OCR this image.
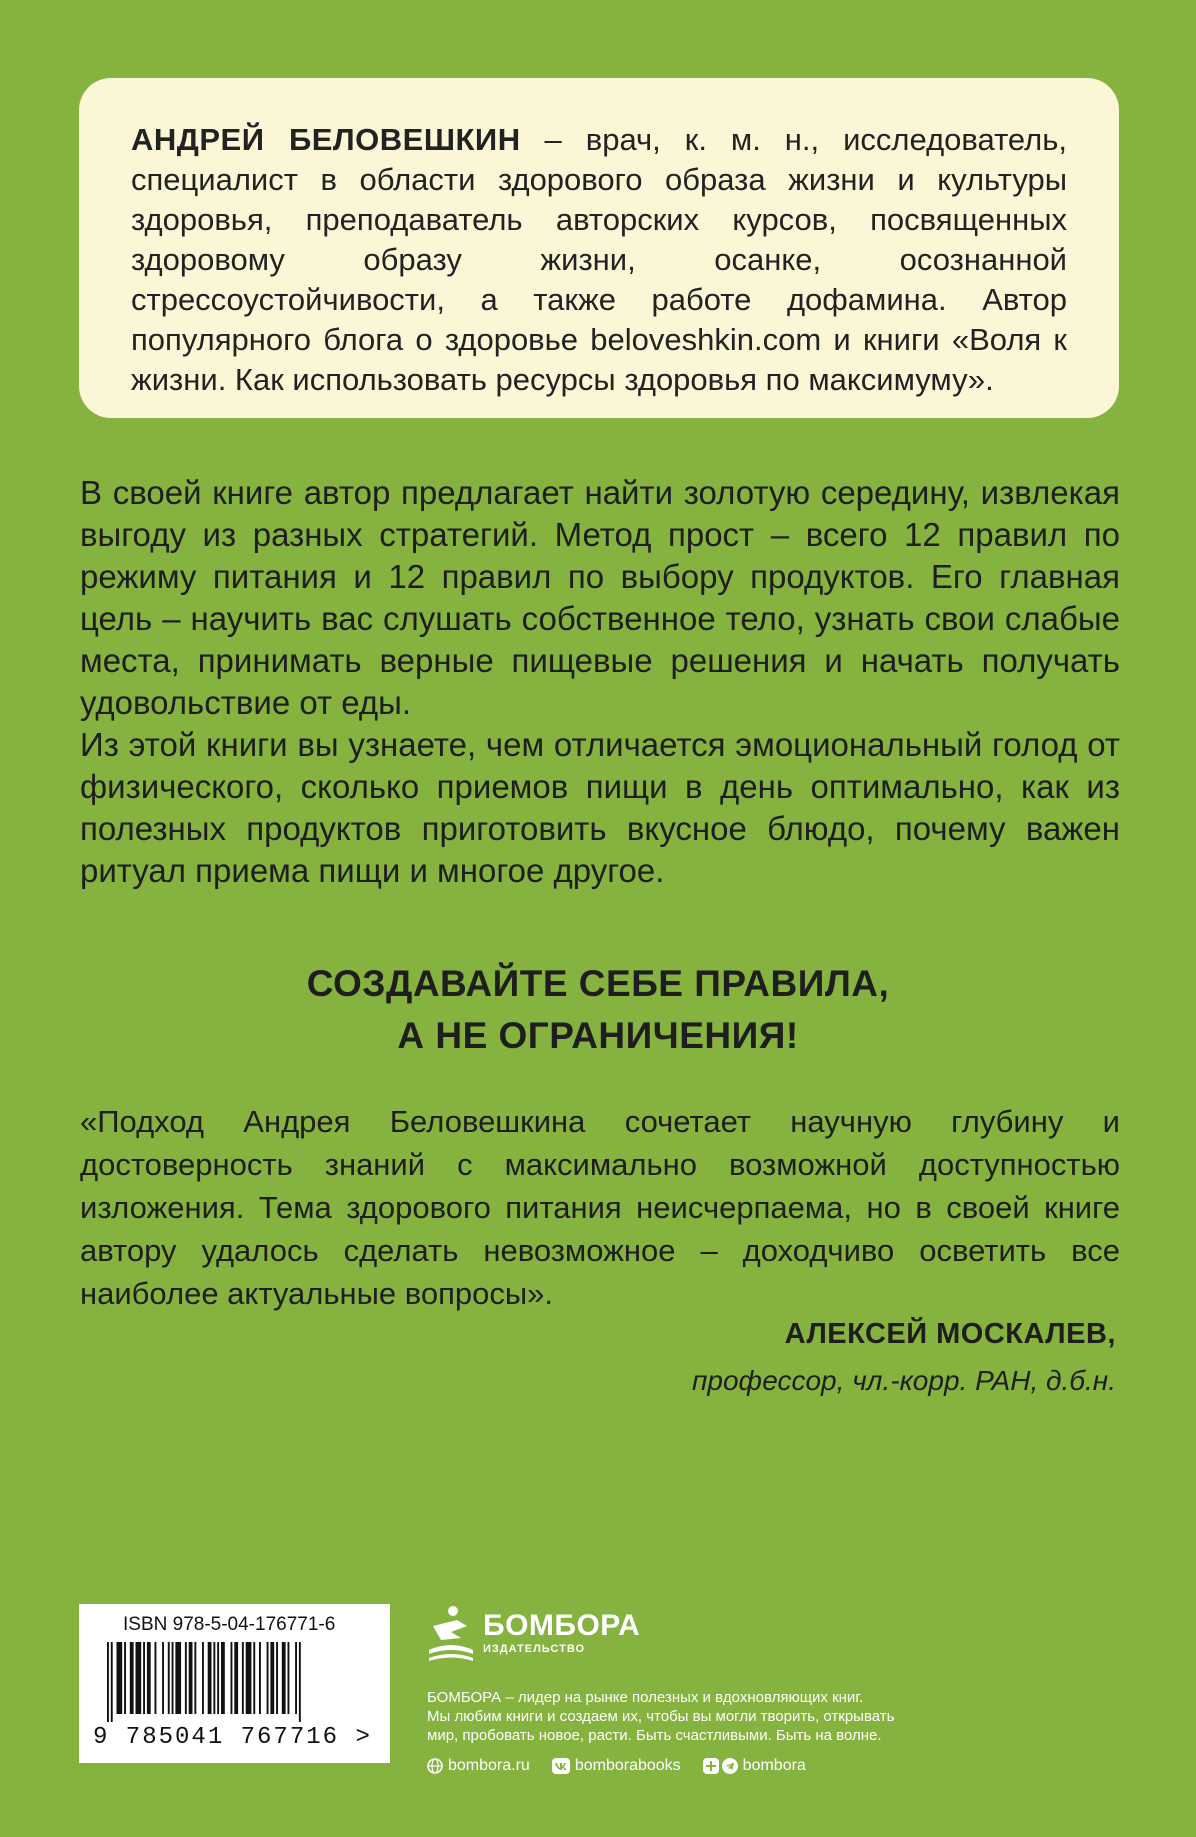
АНДРЕЙ БЕЛОВЕШКИН – врач, к. м. н., исследователь, специалист в области здорового образа жизни и культуры здоровья, преподаватель авторских курсов, посвященных здоровому образу жизни, осанке, осознанной стрессоустойчивости, а также работе дофамина. Автор популярного блога о здоровье beloveshkin.com и книги «Воля к жизни. Как использовать ресурсы здоровья по максимуму».

В своей книге автор предлагает найти золотую середину, извлекая выгоду из разных стратегий. Метод прост – всего 12 правил по режиму питания и 12 правил по выбору продуктов. Его главная цель – научить вас слушать собственное тело, узнать свои слабые места, принимать верные пищевые решения и начать получать удовольствие от еды.

Из этой книги вы узнаете, чем отличается эмоциональный голод от физического, сколько приемов пищи в день оптимально, как из полезных продуктов приготовить вкусное блюдо, почему важен ритуал приема пищи и многое другое.

СОЗДАВАЙТЕ СЕБЕ ПРАВИЛА,
А НЕ ОГРАНИЧЕНИЯ!

«Подход Андрея Беловешкина сочетает научную глубину и достоверность знаний с максимально возможной доступностью изложения. Тема здорового питания неисчерпаема, но в своей книге автору удалось сделать невозможное – доходчиво осветить все наиболее актуальные вопросы».

АЛЕКСЕЙ МОСКАЛЕВ,
профессор, чл.-корр. РАН, д.б.н.
ISBN 978-5-04-176771-6
9 785041 767716 >
БОМБОРА
ИЗДАТЕЛЬСТВО
БОМБОРА – лидер на рынке полезных и вдохновляющих книг.
Мы любим книги и создаем их, чтобы вы могли творить, открывать
мир, пробовать новое, расти. Быть счастливыми. Быть на волне.
bombora.ru	bomborabooks	bombora
